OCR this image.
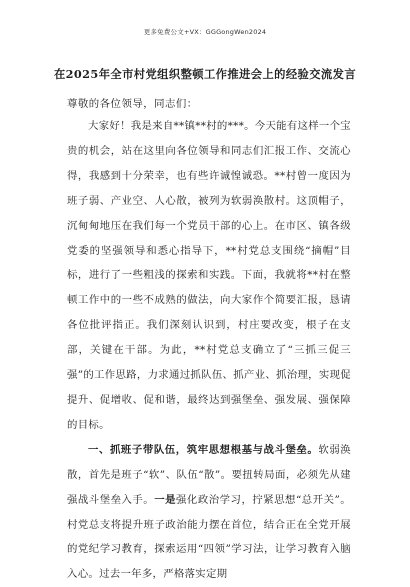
更多免费公文+VX：GGGongWen2024
在2025年全市村党组织整顿工作推进会上的经验交流发言
尊敬的各位领导，同志们：

大家好！我是来自**镇**村的***。今天能有这样一个宝贵的机会，站在这里向各位领导和同志们汇报工作、交流心得，我感到十分荣幸，也有些许诚惶诚恐。**村曾一度因为班子弱、产业空、人心散，被列为软弱涣散村。这顶帽子，沉甸甸地压在我们每一个党员干部的心上。在市区、镇各级党委的坚强领导和悉心指导下，**村党总支围绕“摘帽”目标，进行了一些粗浅的探索和实践。下面，我就将**村在整顿工作中的一些不成熟的做法，向大家作个简要汇报，恳请各位批评指正。我们深刻认识到，村庄要改变，根子在支部，关键在干部。为此，**村党总支确立了“三抓三促三强”的工作思路，力求通过抓队伍、抓产业、抓治理，实现促提升、促增收、促和谐，最终达到强堡垒、强发展、强保障的目标。

一、抓班子带队伍，筑牢思想根基与战斗堡垒。软弱涣散，首先是班子“软”、队伍“散”。要扭转局面，必须先从建强战斗堡垒入手。一是强化政治学习，拧紧思想“总开关”。村党总支将提升班子政治能力摆在首位，结合正在全党开展的党纪学习教育，探索运用“四领”学习法，让学习教育入脑入心。过去一年多，严格落实定期
